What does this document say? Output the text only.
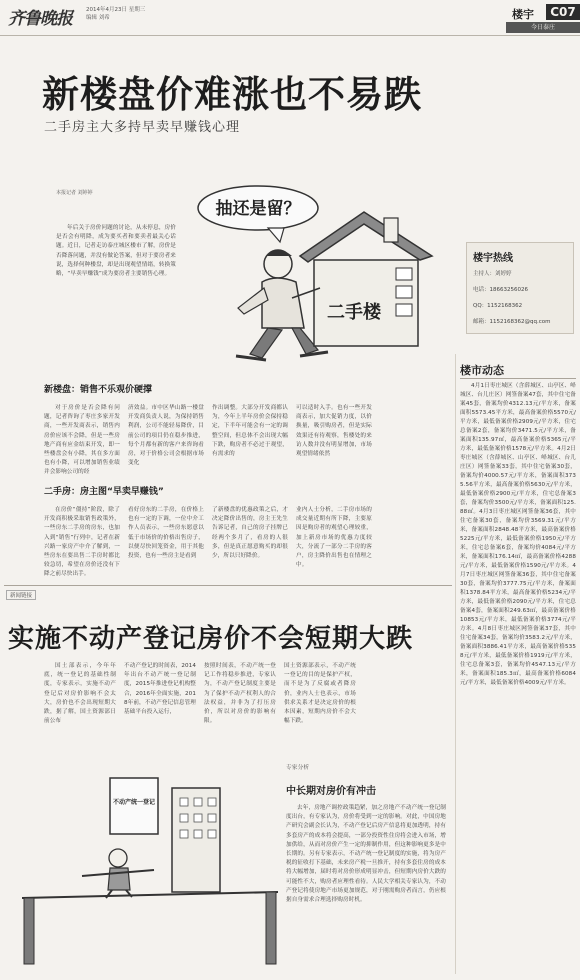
齐鲁晚报	2014年4月23日 星期三
编辑 刘希	楼宇	C07
今日泰庄
新楼盘价难涨也不易跌
二手房主大多持早卖早赚钱心理
本报记者 刘婷婷
年后关于房价问题的讨论，从未停息，房价是否会有明降，成为要买者和要卖者最关心话题。近日，记者走访泰庄城区楼市了解，房价是否降落问题，并没有做论答案，但对于要房者来说，选择何种楼盘，却是出现观望情绪，转换策略，“早卖早赚钱”成为要房者主要销售心理。
抽还是留？
二手楼
楼宇热线
主持人：刘婷婷
电话：18663256026
QQ：1152168362
邮箱：1152168362@qq.com
楼市动态
4月1日枣庄城区（含薛城区、山亭区、峄城区、台儿庄区）网签备案47套，其中住宅备案45套，备案均价4312.13元/平方米，备案面积5573.45平方米，最高备案价格5570元/平方米，最低备案价格2909元/平方米，住宅总备案2套，备案均价3471.5元/平方米，备案面积135.97㎡，最高备案价格5365元/平方米，最低备案价格1578元/平方米。4月2日枣庄城区（含薛城区、山亭区、峄城区、台儿庄区）网签备案33套，其中住宅备案30套，备案均价4000.57元/平方米，备案面积3735.56平方米，最高备案价格5630元/平方米，最低备案价格2900元/平方米，住宅总备案3套，备案均价3500元/平方米，备案面积125.88㎡。4月3日枣庄城区网签备案36套，其中住宅备案30套，备案均价3569.31元/平方米，备案面积2848.48平方米，最高备案价格5225元/平方米，最低备案价格1950元/平方米，住宅总备案6套，备案均价4084元/平方米，备案面积176.14㎡，最高备案价格4288元/平方米，最低备案价格1590元/平方米。4月7日枣庄城区网签备案36套，其中住宅备案30套，备案均价3777.75元/平方米，备案面积1378.84平方米，最高备案价格5234元/平方米，最低备案价格2090元/平方米，住宅总备案4套，备案面积249.63㎡，最高备案价格10853元/平方米，最低备案价格3774元/平方米。4月8日枣庄城区网签备案37套，其中住宅备案34套，备案均价3583.2元/平方米，备案面积3886.41平方米，最高备案价格5358元/平方米，最低备案价格1919元/平方米，住宅总备案3套，备案均价4547.13元/平方米，备案面积185.3㎡，最高备案价格6084元/平方米，最低备案价格4009元/平方米。
新楼盘：销售不乐观价硬撑
对于房价是否会降有问题，记者咨询了枣庄多家开发商，一些开发商表示，销售内房价应该不会降，但是一些房地产商有应金结束开发，即一些楼盘会有小降，其在多方面也有小降，可以增加销售业绩并会影响公司的经
济效益。市中区华山路一楼盘开发商负责人说，为保持销售利润，公司不能轻易降价，目前公司的项目仍在稳步推进，每个月都有新的客户来咨询看房，对于价格公司会根据市场变化
作出调整。大部分开发商都认为，今年上半年房价会保持稳定，下半年可能会有一定的调整空间，但总体不会出现大幅下跌，购房者不必过于观望，有需求的
可以适时入手。也有一些开发商表示，加大促销力度，以价换量，吸引购房者，但是实际效果还有待观察，售楼处的来访人数并没有明显增加，市场观望情绪依然
二手房：房主图“早卖早赚钱”
在房价“僵持”阶段，除了开发商积极采取销售政策外，一些房东二手房的房东，也加入到“销售”行列中，记者在新兴路一家房产中介了解到，一些房东在要出售二手房时都比较急切，希望在房价还没有下降之前尽快出手。
看好房东的二手房，在价格上也有一定的下调，一位中介工作人员表示，一些房东愿意以低于市场价的价格出售房子，以便尽快回笼资金，用于其他投资，也有一些房主是看到
了新楼盘的优惠政策之后，才决定降价出售的，房主王先生告诉记者，自己的房子挂牌已经两个多月了，看房的人很多，但是真正愿意购买的却很少，所以只好降价。
业内人士分析，二手房市场的成交量近期有所下降，主要原因是购房者的观望心理较重，加上新房市场的优惠力度较大，分流了一部分二手房的客户，房主降价出售也在情理之中。
新闻链接
实施不动产登记房价不会短期大跌
国土部表示，今年年底，统一登记的基础性制度，专家表示，实施不动产登记后对房价影响不会太大，房价也不会出现短期大跌，据了解，国土资源部日前公布
不动产登记的时间表，2014年出台不动产统一登记制度，2015年推进登记机构整合，2016年全面实施，2018年前，不动产登记信息管理基础平台投入运行，
按照时间表，不动产统一登记工作将稳步推进，专家认为，不动产登记制度主要是为了保护不动产权利人的合法权益，并非为了打压房价，所以对房价的影响有限。
国土资源部表示，不动产统一登记的目的是保护产权，而不是为了反腐或者降房价，业内人士也表示，市场供求关系才是决定房价的根本因素，短期内房价不会大幅下跌。
不动产统一登记
专家分析
中长期对房价有冲击
去年，房地产调控政策趋紧，加之房地产不动产统一登记制度出台，有专家认为，房价将受到一定的影响。对此，中国房地产研究会副会长认为，不动产登记后房产信息将更加透明，持有多套房产的成本将会提高，一部分投资性住房将会进入市场，增加供给，从而对房价产生一定的抑制作用，但这种影响更多是中长期的。另有专家表示，不动产统一登记制度的实施，将为房产税的征收打下基础，未来房产税一旦推开，持有多套住房的成本将大幅增加，届时将对房价形成明显冲击，但短期内房价大跌的可能性不大，购房者应理性看待。人民大学相关专家认为，不动产登记将使房地产市场更加规范，对于刚需购房者而言，仍应根据自身需求合理选择购房时机。
